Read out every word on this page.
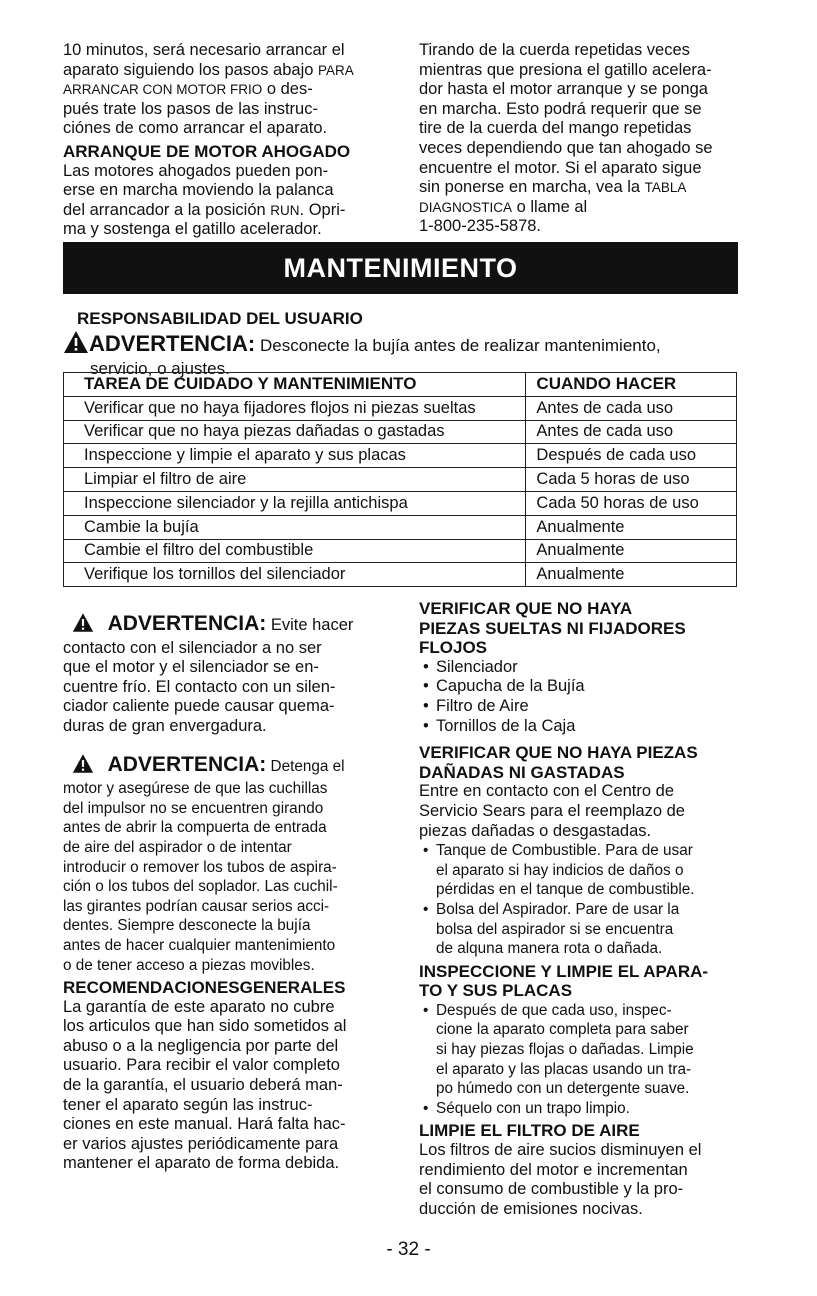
10 minutos, será necesario arrancar el

aparato siguiendo los pasos abajo PARA

ARRANCAR CON MOTOR FRIO o des-

pués trate los pasos de las instruc-

ciónes de como arrancar el aparato.

ARRANQUE DE MOTOR AHOGADO

Las motores ahogados pueden pon-

erse en marcha moviendo la palanca

del arrancador a la posición RUN. Opri-

ma y sostenga el gatillo acelerador.

Tirando de la cuerda repetidas veces

mientras que presiona el gatillo acelera-

dor hasta el motor arranque y se ponga

en marcha. Esto podrá requerir que se

tire de la cuerda del mango repetidas

veces dependiendo que tan ahogado se

encuentre el motor. Si el aparato sigue

sin ponerse en marcha, vea la TABLA

DIAGNOSTICA o llame al

1-800-235-5878.

MANTENIMIENTO
RESPONSABILIDAD DEL USUARIO
ADVERTENCIA: Desconecte la bujía antes de realizar mantenimiento,
servicio, o ajustes.
TAREA DE CUIDADO Y MANTENIMIENTO	CUANDO HACER
Verificar que no haya fijadores flojos ni piezas sueltas	Antes de cada uso
Verificar que no haya piezas dañadas o gastadas	Antes de cada uso
Inspeccione y limpie el aparato y sus placas	Después de cada uso
Limpiar el filtro de aire	Cada 5 horas de uso
Inspeccione silenciador y la rejilla antichispa	Cada 50 horas de uso
Cambie la bujía	Anualmente
Cambie el filtro del combustible	Anualmente
Verifique los tornillos del silenciador	Anualmente

ADVERTENCIA: Evite hacer

contacto con el silenciador a no ser
que el motor y el silenciador se en-
cuentre frío. El contacto con un silen-
ciador caliente puede causar quema-
duras de gran envergadura.

ADVERTENCIA: Detenga el

motor y asegúrese de que las cuchillas
del impulsor no se encuentren girando
antes de abrir la compuerta de entrada
de aire del aspirador o de intentar
introducir o remover los tubos de aspira-
ción o los tubos del soplador. Las cuchil-
las girantes podrían causar serios acci-
dentes. Siempre desconecte la bujía
antes de hacer cualquier mantenimiento
o de tener acceso a piezas movibles.

RECOMENDACIONESGENERALES

La garantía de este aparato no cubre
los articulos que han sido sometidos al
abuso o a la negligencia por parte del
usuario. Para recibir el valor completo
de la garantía, el usuario deberá man-
tener el aparato según las instruc-
ciones en este manual. Hará falta hac-
er varios ajustes periódicamente para
mantener el aparato de forma debida.
VERIFICAR QUE NO HAYA
PIEZAS SUELTAS NI FIJADORES
FLOJOS
• Silenciador
• Capucha de la Bujía
• Filtro de Aire
• Tornillos de la Caja
VERIFICAR QUE NO HAYA PIEZAS
DAÑADAS NI GASTADAS
Entre en contacto con el Centro de
Servicio Sears para el reemplazo de
piezas dañadas o desgastadas.
• Tanque de Combustible. Para de usar
el aparato si hay indicios de daños o
pérdidas en el tanque de combustible.
• Bolsa del Aspirador. Pare de usar la
bolsa del aspirador si se encuentra
de alquna manera rota o dañada.
INSPECCIONE Y LIMPIE EL APARA-
TO Y SUS PLACAS
• Después de que cada uso, inspec-
cione la aparato completa para saber
si hay piezas flojas o dañadas. Limpie
el aparato y las placas usando un tra-
po húmedo con un detergente suave.
• Séquelo con un trapo limpio.

LIMPIE EL FILTRO DE AIRE

Los filtros de aire sucios disminuyen el
rendimiento del motor e incrementan
el consumo de combustible y la pro-
ducción de emisiones nocivas.
- 32 -
